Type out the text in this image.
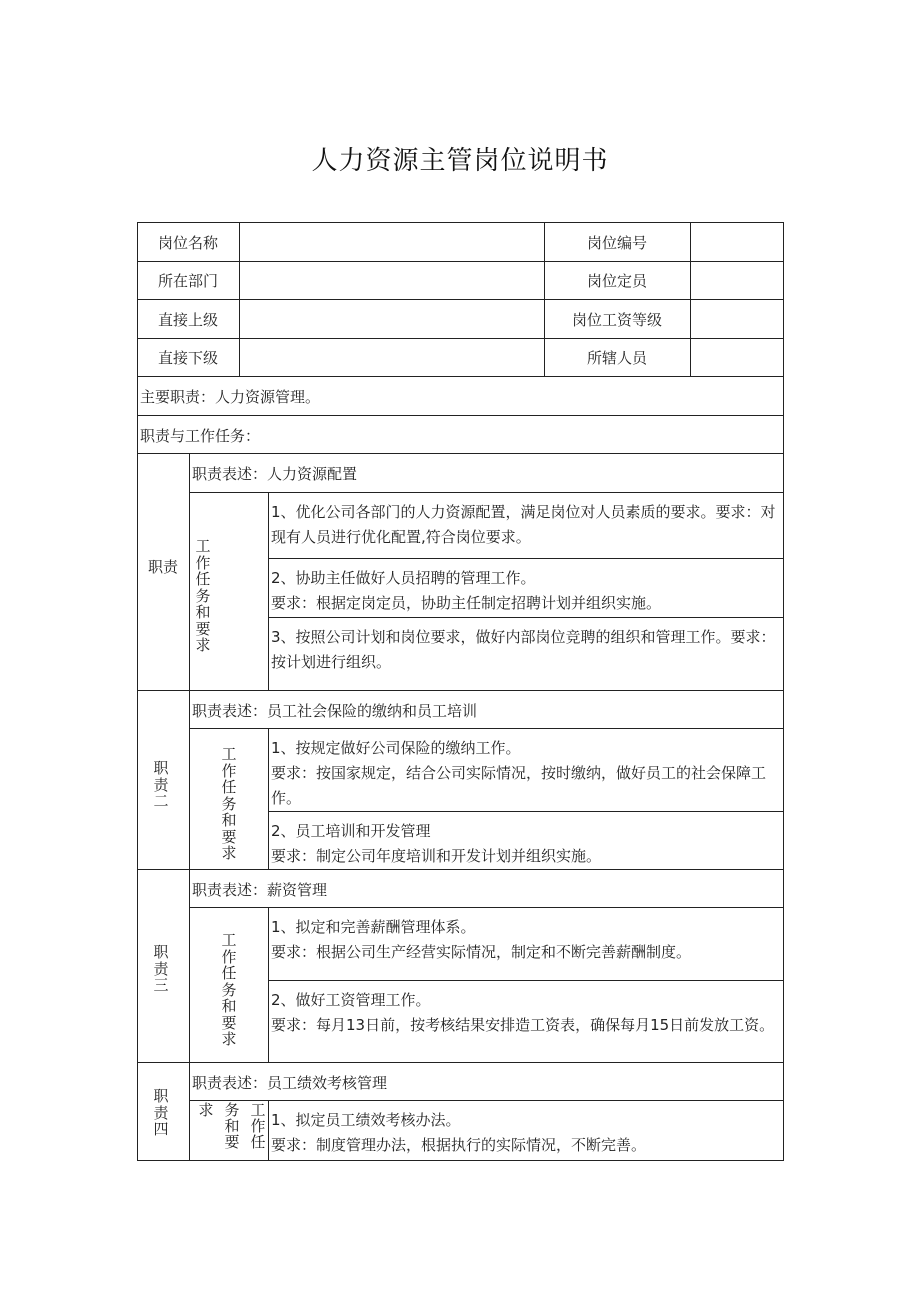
人力资源主管岗位说明书
岗位名称	岗位编号
所在部门	岗位定员
直接上级	岗位工资等级
直接下级	所辖人员
主要职责：人力资源管理。
职责与工作任务：
职责
职责表述：人力资源配置
工作任务和要求
1、优化公司各部门的人力资源配置，满足岗位对人员素质的要求。要求：对现有人员进行优化配置,符合岗位要求。
2、协助主任做好人员招聘的管理工作。
要求：根据定岗定员，协助主任制定招聘计划并组织实施。
3、按照公司计划和岗位要求，做好内部岗位竞聘的组织和管理工作。要求：按计划进行组织。
职责二
职责表述：员工社会保险的缴纳和员工培训
工作任务和要求
1、按规定做好公司保险的缴纳工作。
要求：按国家规定，结合公司实际情况，按时缴纳，做好员工的社会保障工作。
2、员工培训和开发管理
要求：制定公司年度培训和开发计划并组织实施。
职责三
职责表述：薪资管理
工作任务和要求
1、拟定和完善薪酬管理体系。
要求：根据公司生产经营实际情况，制定和不断完善薪酬制度。
2、做好工资管理工作。
要求：每月13日前，按考核结果安排造工资表，确保每月15日前发放工资。
职责四
职责表述：员工绩效考核管理
工作任
务和要
求
1、拟定员工绩效考核办法。
要求：制度管理办法，根据执行的实际情况，不断完善。
